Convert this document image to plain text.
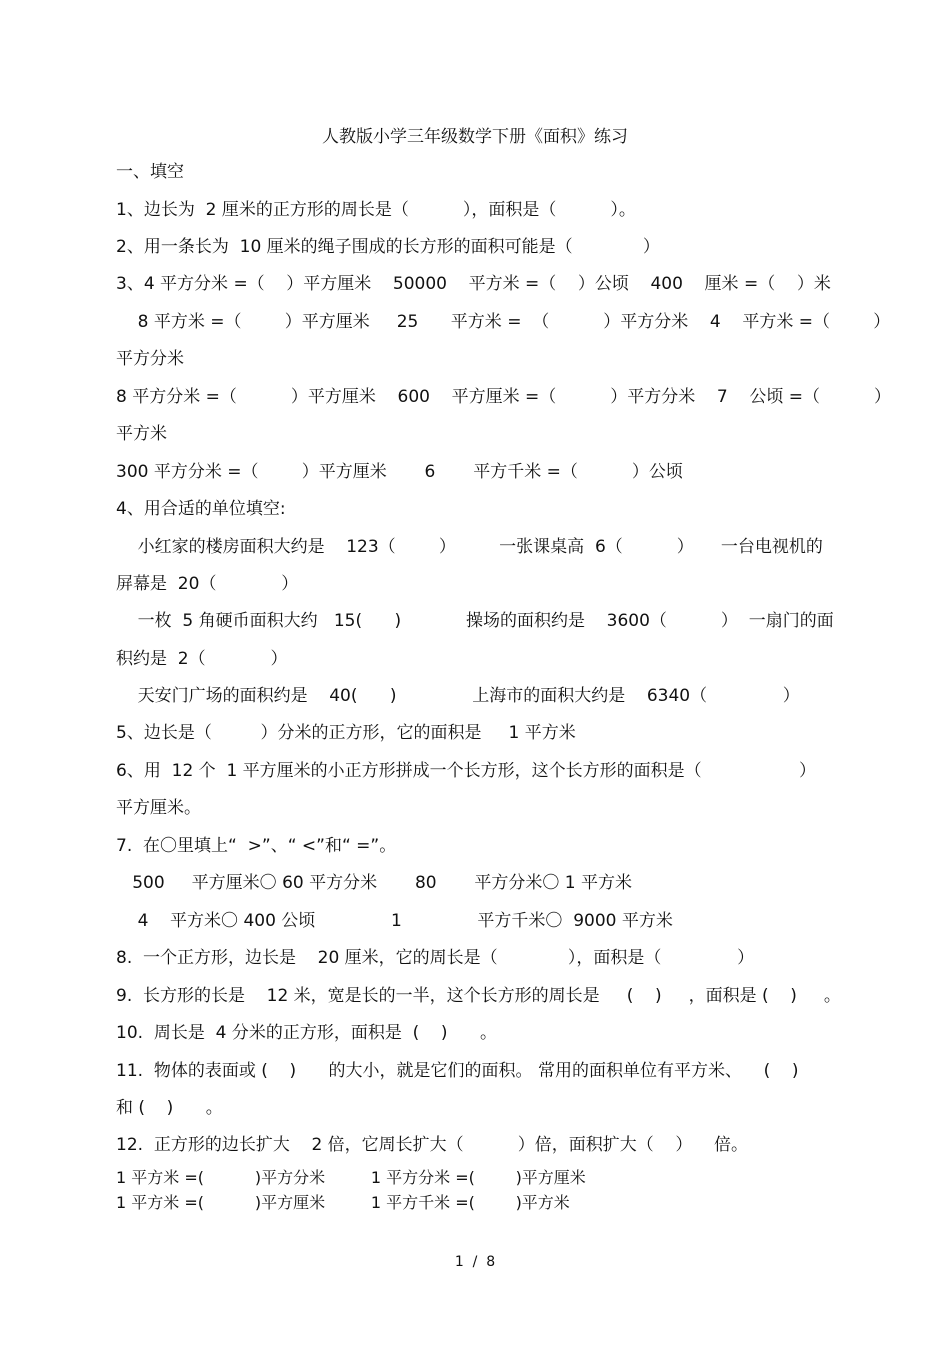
人教版小学三年级数学下册《面积》练习
一、填空
1、边长为  2 厘米的正方形的周长是（          ），面积是（          ）。
2、用一条长为  10 厘米的绳子围成的长方形的面积可能是（             ）
3、4 平方分米 =（    ）平方厘米    50000    平方米 =（    ）公顷    400    厘米 =（    ）米
8 平方米 =（        ）平方厘米     25      平方米 =  （          ）平方分米    4    平方米 =（        ）
平方分米
8 平方分米 =（          ）平方厘米    600    平方厘米 =（          ）平方分米    7    公顷 =（          ）
平方米
300 平方分米 =（        ）平方厘米       6       平方千米 =（          ）公顷
4、用合适的单位填空:
小红家的楼房面积大约是    123（        ）        一张课桌高  6（          ）     一台电视机的
屏幕是  20（            ）
一枚  5 角硬币面积大约   15(      )            操场的面积约是    3600（          ）  一扇门的面
积约是  2（            ）
天安门广场的面积约是    40(      )              上海市的面积大约是    6340（              ）
5、边长是（         ）分米的正方形，它的面积是     1 平方米
6、用  12 个  1 平方厘米的小正方形拼成一个长方形，这个长方形的面积是（                  ）
平方厘米。
7.  在〇里填上“  >”、“ <”和“ =”。
500     平方厘米〇 60 平方分米       80       平方分米〇 1 平方米
4    平方米〇 400 公顷              1              平方千米〇  9000 平方米
8.  一个正方形，边长是    20 厘米，它的周长是（             ），面积是（              ）
9.  长方形的长是    12 米，宽是长的一半，这个长方形的周长是     (    )     ，面积是 (    )     。
10.  周长是  4 分米的正方形，面积是  (    )      。
11.  物体的表面或 (    )      的大小，就是它们的面积。 常用的面积单位有平方米、    (    )
和 (    )      。
12.  正方形的边长扩大    2 倍，它周长扩大（          ）倍，面积扩大（    ）    倍。
1 平方米 =(          )平方分米         1 平方分米 =(        )平方厘米
1 平方米 =(          )平方厘米         1 平方千米 =(        )平方米
1  /  8
